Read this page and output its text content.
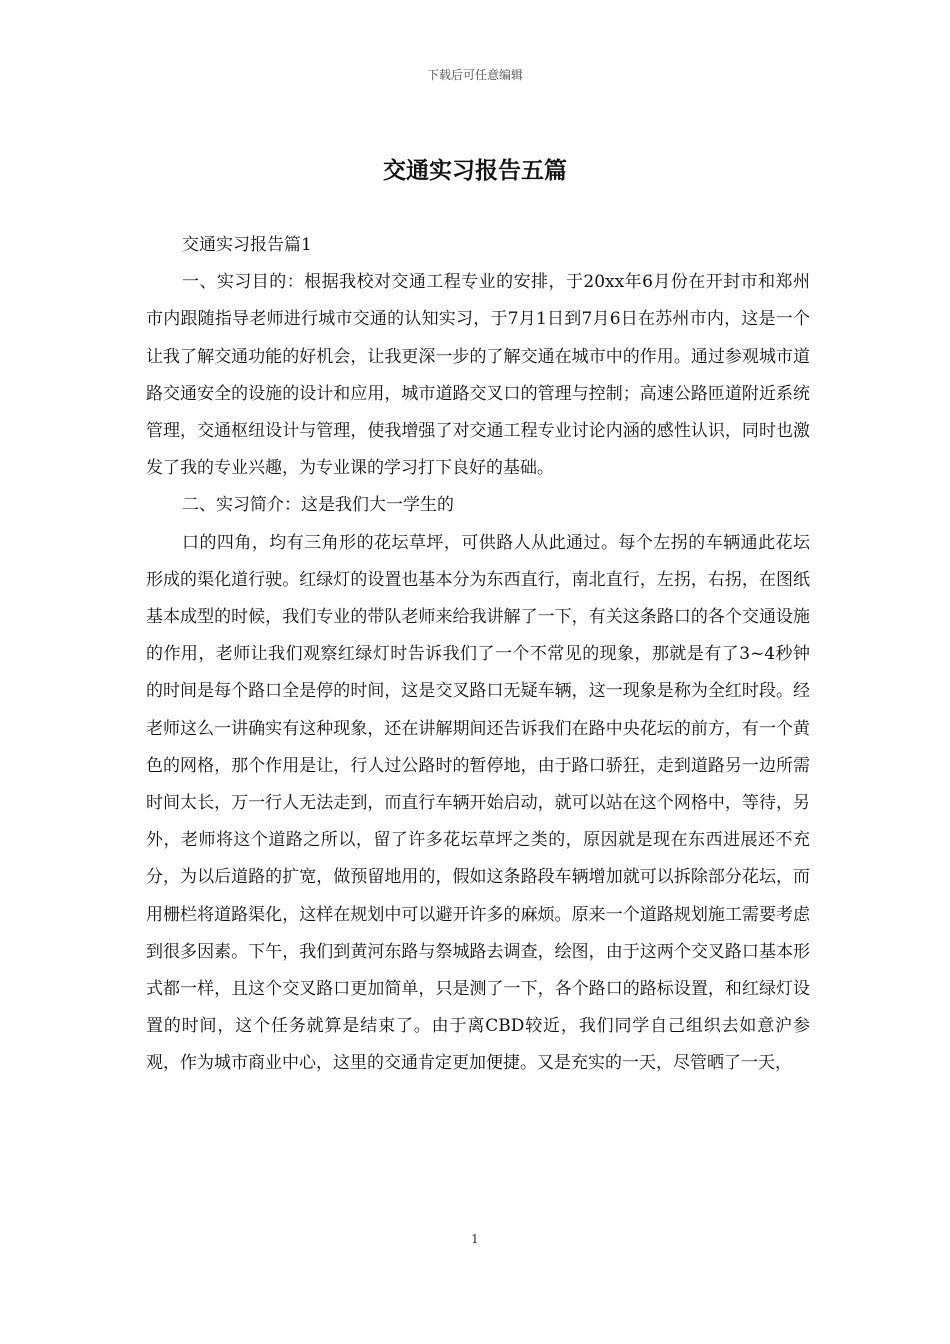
下载后可任意编辑
交通实习报告五篇

交通实习报告篇1

一、实习目的：根据我校对交通工程专业的安排，于20xx年6月份在开封市和郑州市内跟随指导老师进行城市交通的认知实习，于7月1日到7月6日在苏州市内，这是一个让我了解交通功能的好机会，让我更深一步的了解交通在城市中的作用。通过参观城市道路交通安全的设施的设计和应用，城市道路交叉口的管理与控制；高速公路匝道附近系统管理，交通枢纽设计与管理，使我增强了对交通工程专业讨论内涵的感性认识，同时也激发了我的专业兴趣，为专业课的学习打下良好的基础。

二、实习简介：这是我们大一学生的

口的四角，均有三角形的花坛草坪，可供路人从此通过。每个左拐的车辆通此花坛形成的渠化道行驶。红绿灯的设置也基本分为东西直行，南北直行，左拐，右拐，在图纸基本成型的时候，我们专业的带队老师来给我讲解了一下，有关这条路口的各个交通设施的作用，老师让我们观察红绿灯时告诉我们了一个不常见的现象，那就是有了3~4秒钟的时间是每个路口全是停的时间，这是交叉路口无疑车辆，这一现象是称为全红时段。经老师这么一讲确实有这种现象，还在讲解期间还告诉我们在路中央花坛的前方，有一个黄色的网格，那个作用是让，行人过公路时的暂停地，由于路口骄狂，走到道路另一边所需时间太长，万一行人无法走到，而直行车辆开始启动，就可以站在这个网格中，等待，另外，老师将这个道路之所以，留了许多花坛草坪之类的，原因就是现在东西进展还不充分，为以后道路的扩宽，做预留地用的，假如这条路段车辆增加就可以拆除部分花坛，而用栅栏将道路渠化，这样在规划中可以避开许多的麻烦。原来一个道路规划施工需要考虑到很多因素。下午，我们到黄河东路与祭城路去调查，绘图，由于这两个交叉路口基本形式都一样，且这个交叉路口更加简单，只是测了一下，各个路口的路标设置，和红绿灯设置的时间，这个任务就算是结束了。由于离CBD较近，我们同学自己组织去如意沪参观，作为城市商业中心，这里的交通肯定更加便捷。又是充实的一天，尽管晒了一天，

1
